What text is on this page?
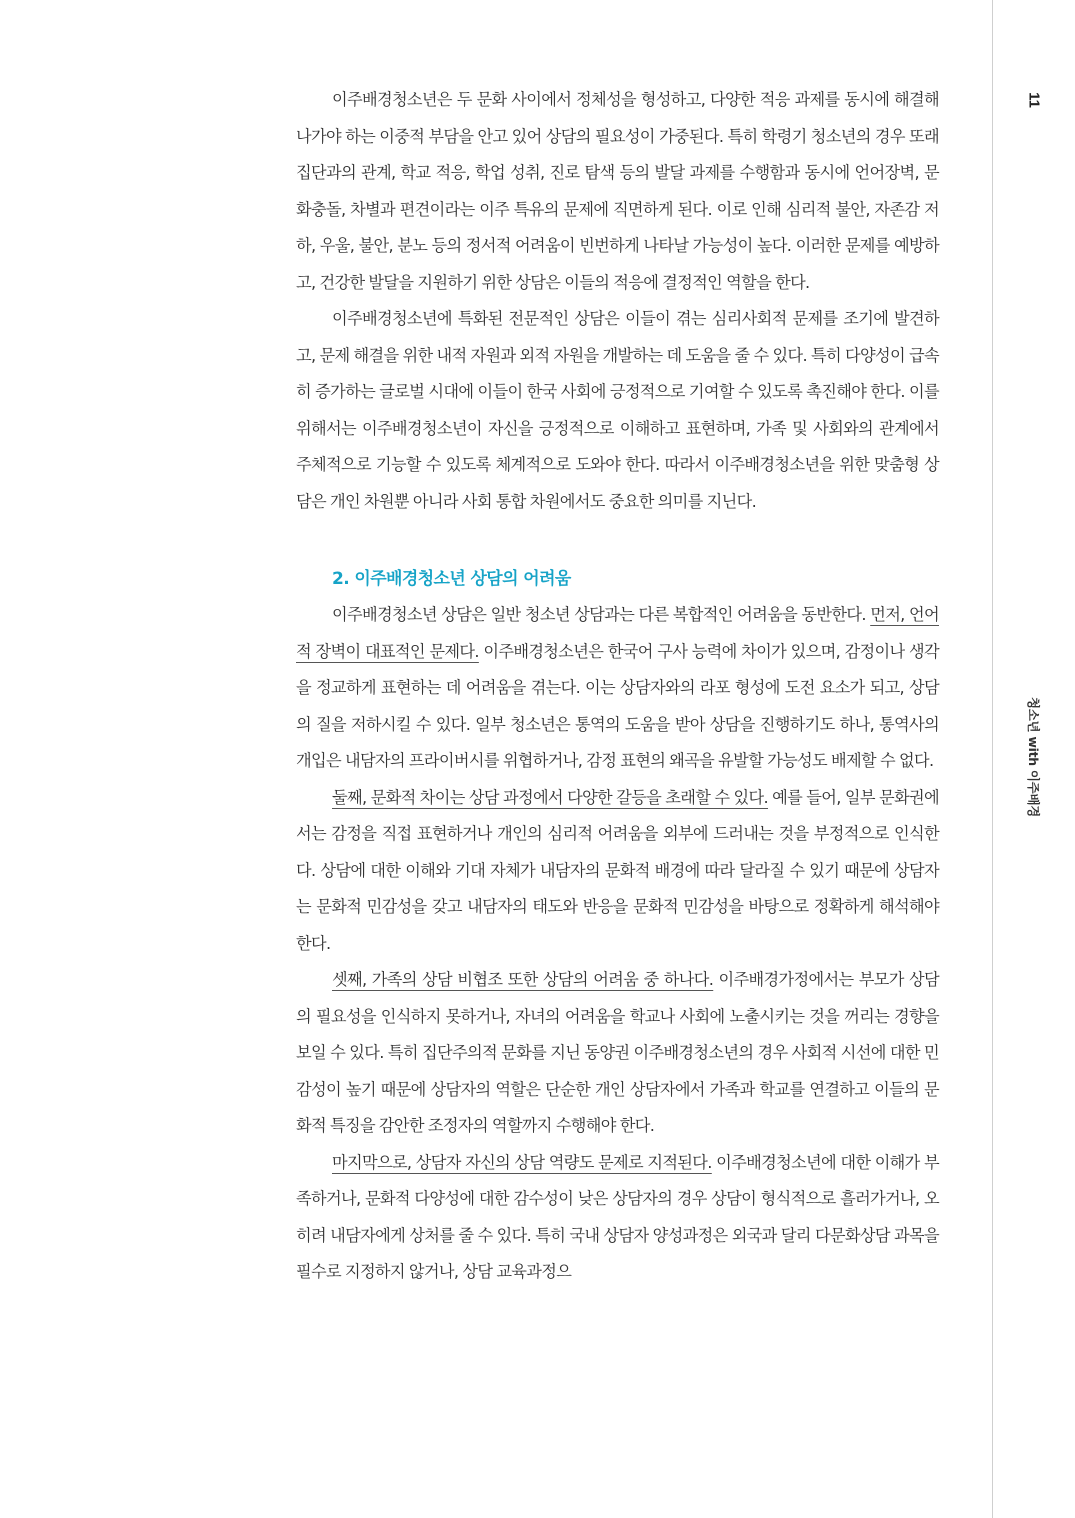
11
청소년 with 이주배경

이주배경청소년은 두 문화 사이에서 정체성을 형성하고, 다양한 적응 과제를 동시에 해결해나가야 하는 이중적 부담을 안고 있어 상담의 필요성이 가중된다. 특히 학령기 청소년의 경우 또래 집단과의 관계, 학교 적응, 학업 성취, 진로 탐색 등의 발달 과제를 수행함과 동시에 언어장벽, 문화충돌, 차별과 편견이라는 이주 특유의 문제에 직면하게 된다. 이로 인해 심리적 불안, 자존감 저하, 우울, 불안, 분노 등의 정서적 어려움이 빈번하게 나타날 가능성이 높다. 이러한 문제를 예방하고, 건강한 발달을 지원하기 위한 상담은 이들의 적응에 결정적인 역할을 한다.

이주배경청소년에 특화된 전문적인 상담은 이들이 겪는 심리사회적 문제를 조기에 발견하고, 문제 해결을 위한 내적 자원과 외적 자원을 개발하는 데 도움을 줄 수 있다. 특히 다양성이 급속히 증가하는 글로벌 시대에 이들이 한국 사회에 긍정적으로 기여할 수 있도록 촉진해야 한다. 이를 위해서는 이주배경청소년이 자신을 긍정적으로 이해하고 표현하며, 가족 및 사회와의 관계에서 주체적으로 기능할 수 있도록 체계적으로 도와야 한다. 따라서 이주배경청소년을 위한 맞춤형 상담은 개인 차원뿐 아니라 사회 통합 차원에서도 중요한 의미를 지닌다.

2. 이주배경청소년 상담의 어려움

이주배경청소년 상담은 일반 청소년 상담과는 다른 복합적인 어려움을 동반한다. 먼저, 언어적 장벽이 대표적인 문제다. 이주배경청소년은 한국어 구사 능력에 차이가 있으며, 감정이나 생각을 정교하게 표현하는 데 어려움을 겪는다. 이는 상담자와의 라포 형성에 도전 요소가 되고, 상담의 질을 저하시킬 수 있다. 일부 청소년은 통역의 도움을 받아 상담을 진행하기도 하나, 통역사의 개입은 내담자의 프라이버시를 위협하거나, 감정 표현의 왜곡을 유발할 가능성도 배제할 수 없다.

둘째, 문화적 차이는 상담 과정에서 다양한 갈등을 초래할 수 있다. 예를 들어, 일부 문화권에서는 감정을 직접 표현하거나 개인의 심리적 어려움을 외부에 드러내는 것을 부정적으로 인식한다. 상담에 대한 이해와 기대 자체가 내담자의 문화적 배경에 따라 달라질 수 있기 때문에 상담자는 문화적 민감성을 갖고 내담자의 태도와 반응을 문화적 민감성을 바탕으로 정확하게 해석해야 한다.

셋째, 가족의 상담 비협조 또한 상담의 어려움 중 하나다. 이주배경가정에서는 부모가 상담의 필요성을 인식하지 못하거나, 자녀의 어려움을 학교나 사회에 노출시키는 것을 꺼리는 경향을 보일 수 있다. 특히 집단주의적 문화를 지닌 동양권 이주배경청소년의 경우 사회적 시선에 대한 민감성이 높기 때문에 상담자의 역할은 단순한 개인 상담자에서 가족과 학교를 연결하고 이들의 문화적 특징을 감안한 조정자의 역할까지 수행해야 한다.

마지막으로, 상담자 자신의 상담 역량도 문제로 지적된다. 이주배경청소년에 대한 이해가 부족하거나, 문화적 다양성에 대한 감수성이 낮은 상담자의 경우 상담이 형식적으로 흘러가거나, 오히려 내담자에게 상처를 줄 수 있다. 특히 국내 상담자 양성과정은 외국과 달리 다문화상담 과목을 필수로 지정하지 않거나, 상담 교육과정으
